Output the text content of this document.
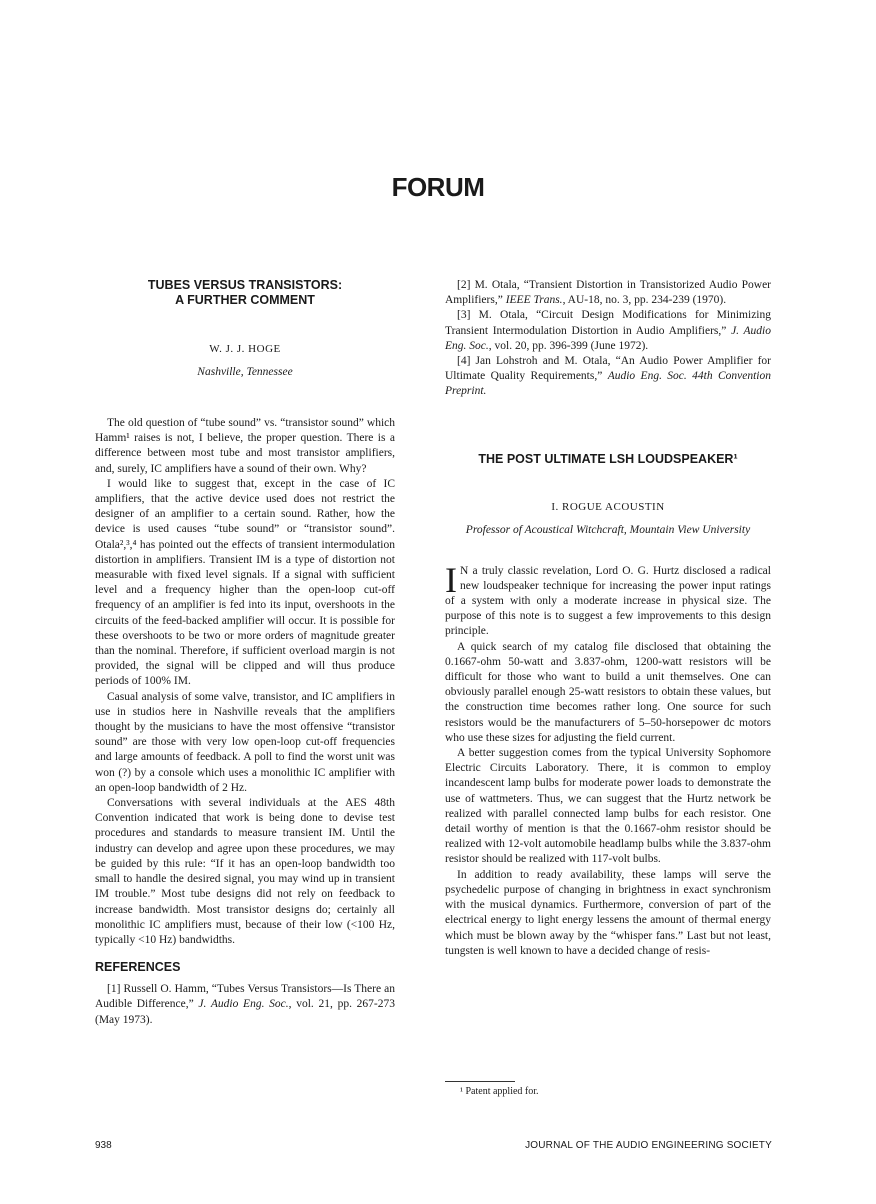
FORUM
TUBES VERSUS TRANSISTORS:
A FURTHER COMMENT
W. J. J. HOGE
Nashville, Tennessee

The old question of “tube sound” vs. “transistor sound” which Hamm¹ raises is not, I believe, the proper question. There is a difference between most tube and most transistor amplifiers, and, surely, IC amplifiers have a sound of their own. Why?

I would like to suggest that, except in the case of IC amplifiers, that the active device used does not restrict the designer of an amplifier to a certain sound. Rather, how the device is used causes “tube sound” or “transistor sound”. Otala²,³,⁴ has pointed out the effects of transient intermodulation distortion in amplifiers. Transient IM is a type of distortion not measurable with fixed level signals. If a signal with sufficient level and a frequency higher than the open-loop cut-off frequency of an amplifier is fed into its input, overshoots in the circuits of the feed-backed amplifier will occur. It is possible for these overshoots to be two or more orders of magnitude greater than the nominal. Therefore, if sufficient overload margin is not provided, the signal will be clipped and will thus produce periods of 100% IM.

Casual analysis of some valve, transistor, and IC amplifiers in use in studios here in Nashville reveals that the amplifiers thought by the musicians to have the most offensive “transistor sound” are those with very low open-loop cut-off frequencies and large amounts of feedback. A poll to find the worst unit was won (?) by a console which uses a monolithic IC amplifier with an open-loop bandwidth of 2 Hz.

Conversations with several individuals at the AES 48th Convention indicated that work is being done to devise test procedures and standards to measure transient IM. Until the industry can develop and agree upon these procedures, we may be guided by this rule: “If it has an open-loop bandwidth too small to handle the desired signal, you may wind up in transient IM trouble.” Most tube designs did not rely on feedback to increase bandwidth. Most transistor designs do; certainly all monolithic IC amplifiers must, because of their low (<100 Hz, typically <10 Hz) bandwidths.

REFERENCES

[1] Russell O. Hamm, “Tubes Versus Transistors—Is There an Audible Difference,” J. Audio Eng. Soc., vol. 21, pp. 267-273 (May 1973).

[2] M. Otala, “Transient Distortion in Transistorized Audio Power Amplifiers,” IEEE Trans., AU-18, no. 3, pp. 234-239 (1970).

[3] M. Otala, “Circuit Design Modifications for Minimizing Transient Intermodulation Distortion in Audio Amplifiers,” J. Audio Eng. Soc., vol. 20, pp. 396-399 (June 1972).

[4] Jan Lohstroh and M. Otala, “An Audio Power Amplifier for Ultimate Quality Requirements,” Audio Eng. Soc. 44th Convention Preprint.

THE POST ULTIMATE LSH LOUDSPEAKER¹
I. ROGUE ACOUSTIN
Professor of Acoustical Witchcraft, Mountain View University

I N a truly classic revelation, Lord O. G. Hurtz disclosed a radical new loudspeaker technique for increasing the power input ratings of a system with only a moderate increase in physical size. The purpose of this note is to suggest a few improvements to this design principle.

A quick search of my catalog file disclosed that obtaining the 0.1667-ohm 50-watt and 3.837-ohm, 1200-watt resistors will be difficult for those who want to build a unit themselves. One can obviously parallel enough 25-watt resistors to obtain these values, but the construction time becomes rather long. One source for such resistors would be the manufacturers of 5–50-horsepower dc motors who use these sizes for adjusting the field current.

A better suggestion comes from the typical University Sophomore Electric Circuits Laboratory. There, it is common to employ incandescent lamp bulbs for moderate power loads to demonstrate the use of wattmeters. Thus, we can suggest that the Hurtz network be realized with parallel connected lamp bulbs for each resistor. One detail worthy of mention is that the 0.1667-ohm resistor should be realized with 12-volt automobile headlamp bulbs while the 3.837-ohm resistor should be realized with 117-volt bulbs.

In addition to ready availability, these lamps will serve the psychedelic purpose of changing in brightness in exact synchronism with the musical dynamics. Furthermore, conversion of part of the electrical energy to light energy lessens the amount of thermal energy which must be blown away by the “whisper fans.” Last but not least, tungsten is well known to have a decided change of resis-

¹ Patent applied for.
938	JOURNAL OF THE AUDIO ENGINEERING SOCIETY
